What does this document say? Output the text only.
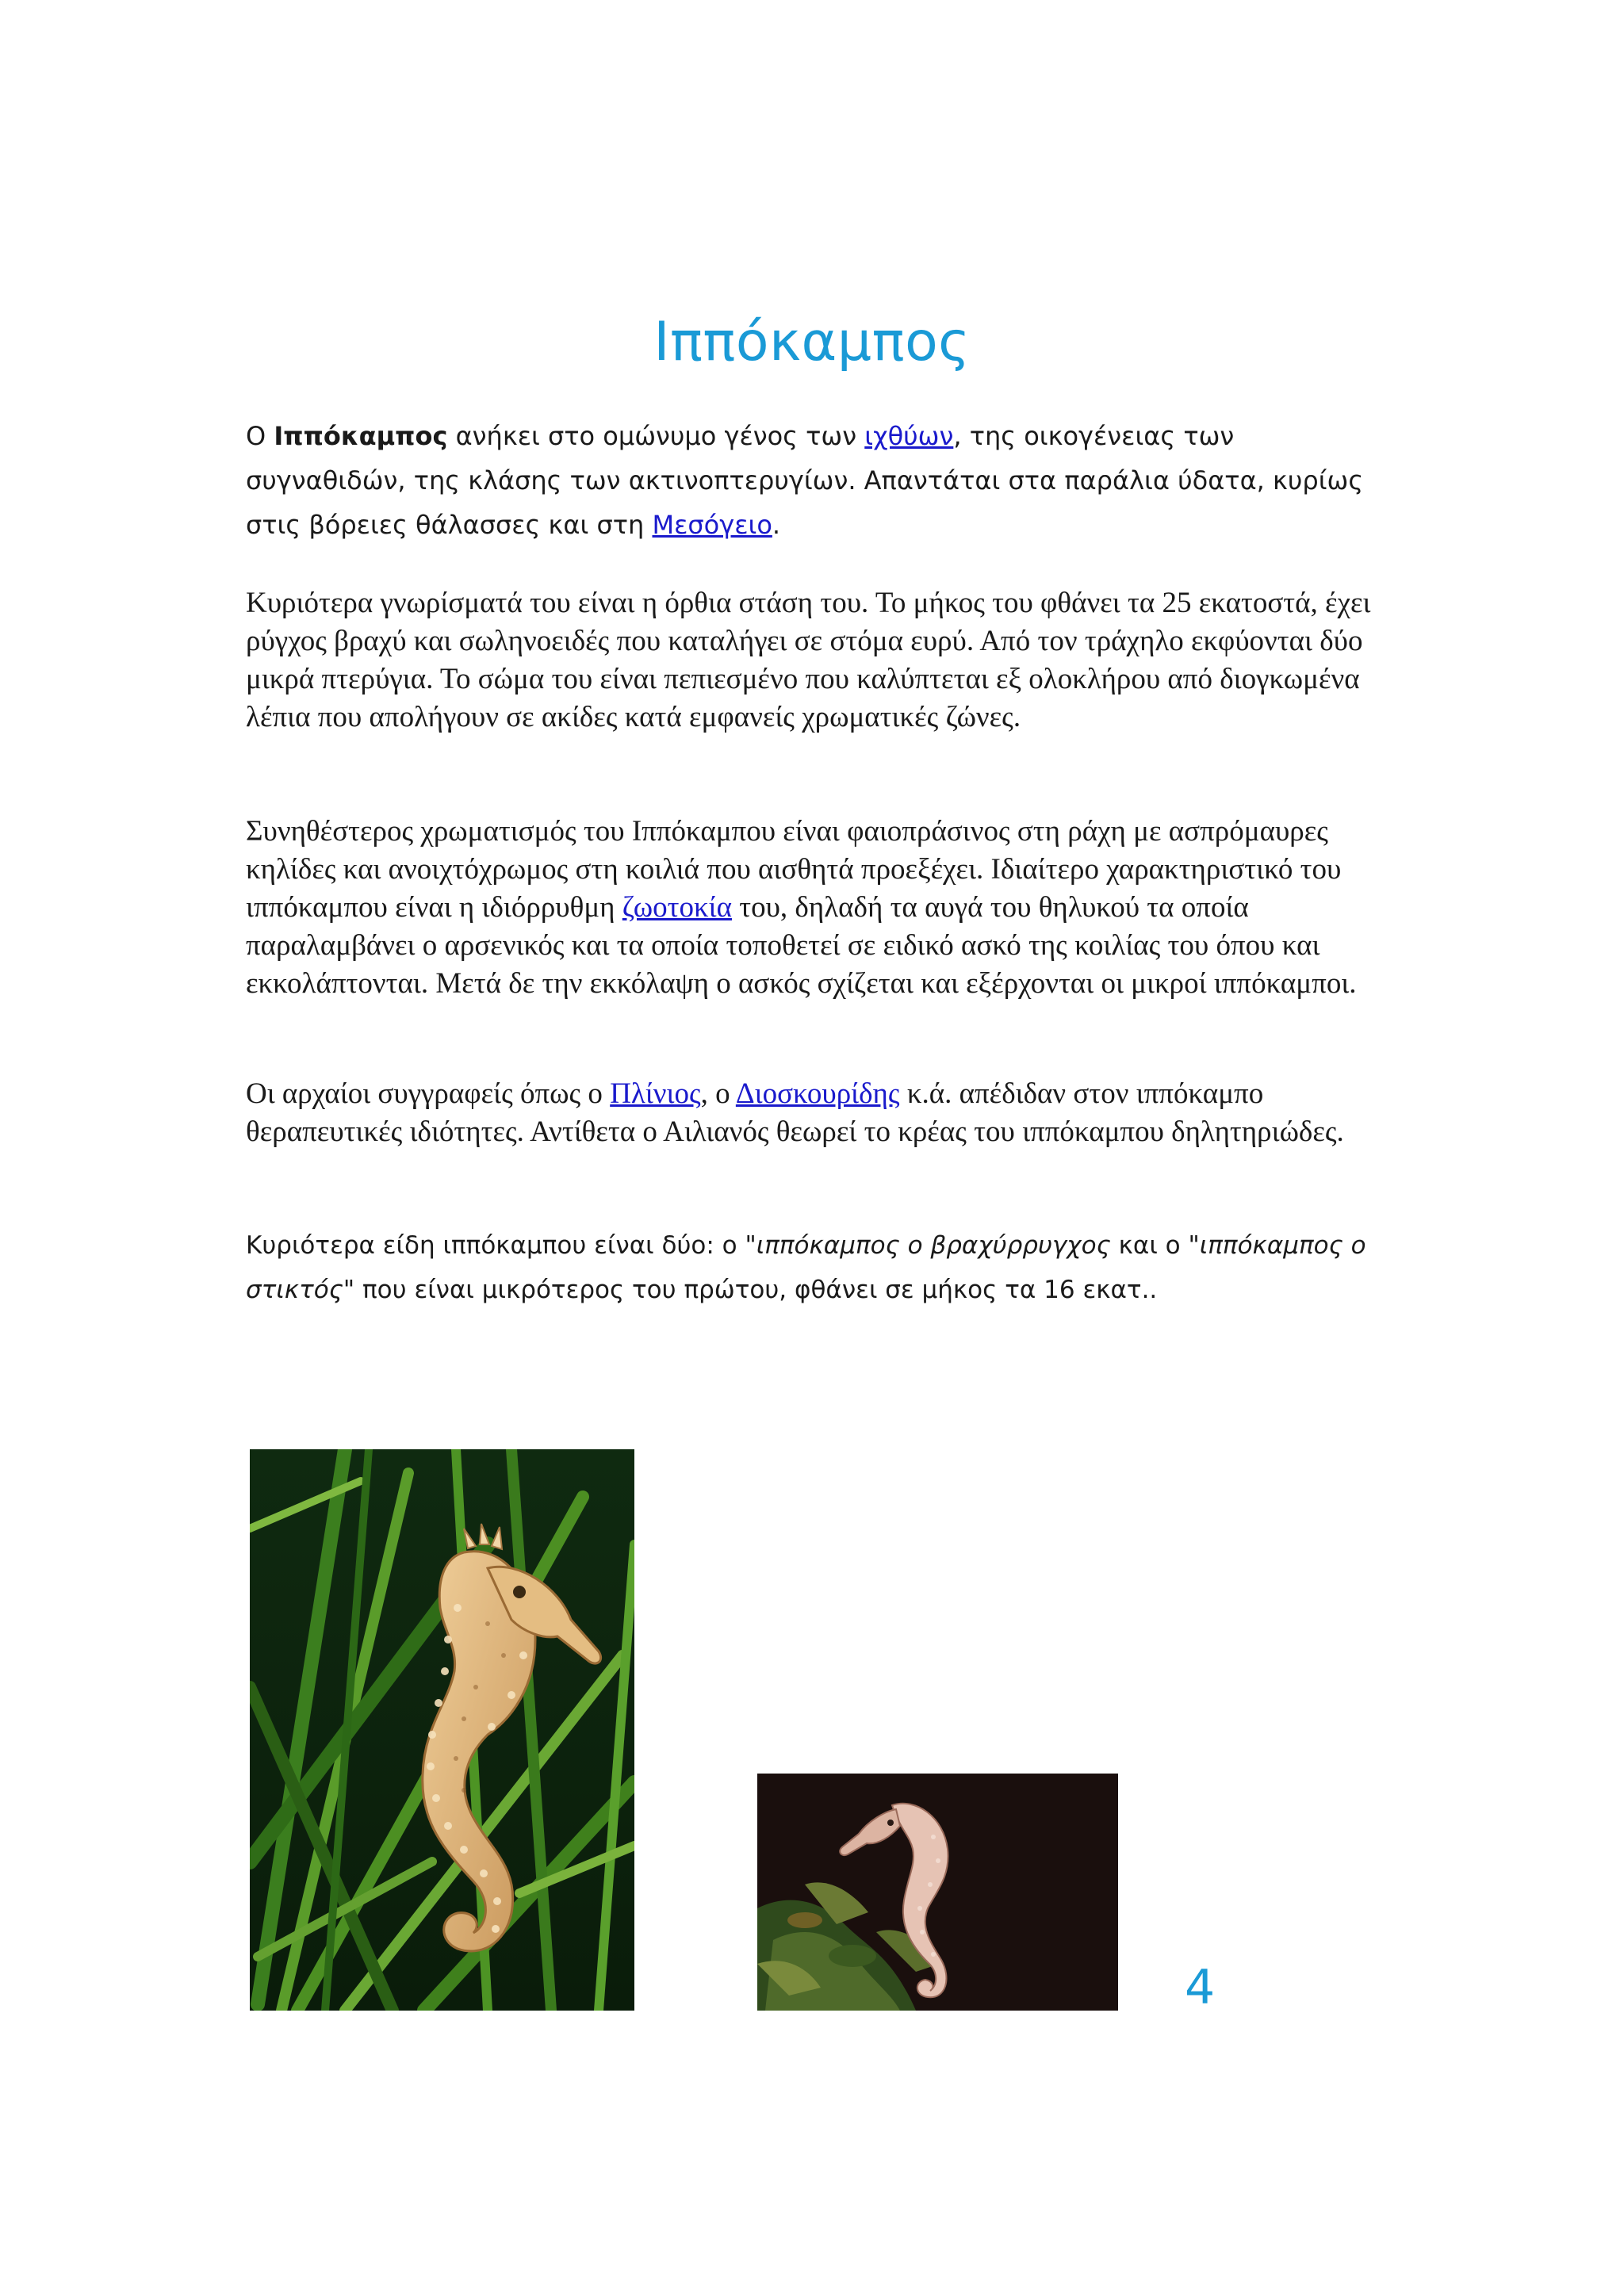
Ιππόκαμπος
Ο Ιππόκαμπος ανήκει στο ομώνυμο γένος των ιχθύων, της οικογένειας των συγναθιδών, της κλάσης των ακτινοπτερυγίων. Απαντάται στα παράλια ύδατα, κυρίως στις βόρειες θάλασσες και στη Μεσόγειο.
Κυριότερα γνωρίσματά του είναι η όρθια στάση του. Το μήκος του φθάνει τα 25 εκατοστά, έχει ρύγχος βραχύ και σωληνοειδές που καταλήγει σε στόμα ευρύ. Από τον τράχηλο εκφύονται δύο μικρά πτερύγια. Το σώμα του είναι πεπιεσμένο που καλύπτεται εξ ολοκλήρου από διογκωμένα λέπια που απολήγουν σε ακίδες κατά εμφανείς χρωματικές ζώνες.
Συνηθέστερος χρωματισμός του Ιππόκαμπου είναι φαιοπράσινος στη ράχη με ασπρόμαυρες κηλίδες και ανοιχτόχρωμος στη κοιλιά που αισθητά προεξέχει. Ιδιαίτερο χαρακτηριστικό του ιππόκαμπου είναι η ιδιόρρυθμη ζωοτοκία του, δηλαδή τα αυγά του θηλυκού τα οποία παραλαμβάνει ο αρσενικός και τα οποία τοποθετεί σε ειδικό ασκό της κοιλίας του όπου και εκκολάπτονται. Μετά δε την εκκόλαψη ο ασκός σχίζεται και εξέρχονται οι μικροί ιππόκαμποι.
Οι αρχαίοι συγγραφείς όπως ο Πλίνιος, ο Διοσκουρίδης κ.ά. απέδιδαν στον ιππόκαμπο θεραπευτικές ιδιότητες. Αντίθετα ο Αιλιανός θεωρεί το κρέας του ιππόκαμπου δηλητηριώδες.
Κυριότερα είδη ιππόκαμπου είναι δύο: ο "ιππόκαμπος ο βραχύρρυγχος και ο "ιππόκαμπος ο στικτός" που είναι μικρότερος του πρώτου, φθάνει σε μήκος τα 16 εκατ..
4
